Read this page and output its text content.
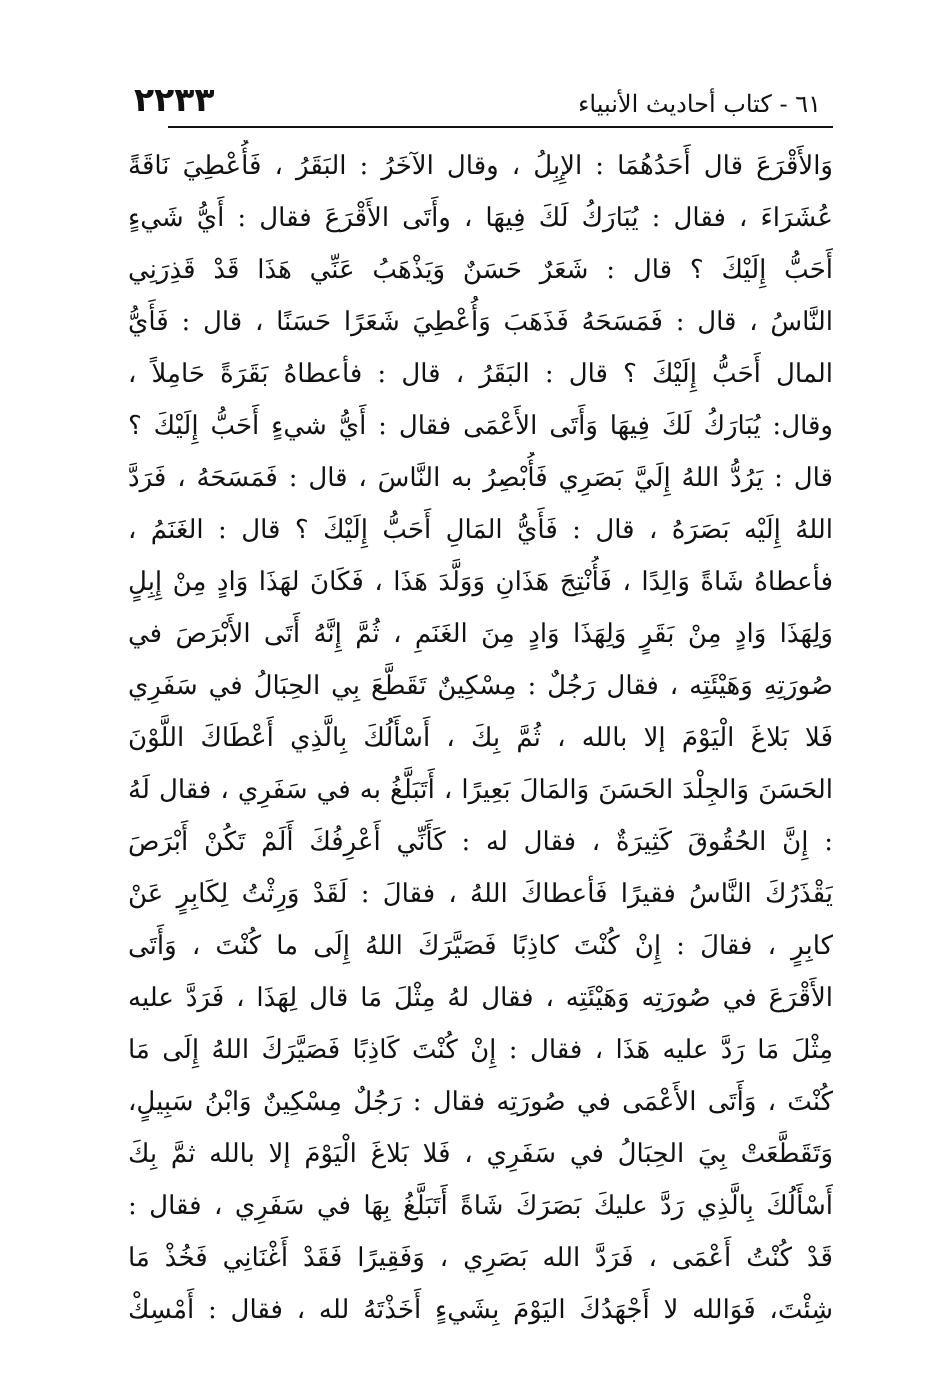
٦١ - كتاب أحاديث الأنبياء
٢٢٣٣
وَالأَقْرَعَ قال أَحَدُهُمَا : الإِبِلُ ، وقال الآخَرُ : البَقَرُ ، فَأُعْطِيَ نَاقَةً
عُشَرَاءَ ، فقال : يُبَارَكُ لَكَ فِيهَا ، وأَتَى الأَقْرَعَ فقال : أَيُّ شَيءٍ
أَحَبُّ إِلَيْكَ ؟ قال : شَعَرٌ حَسَنٌ وَيَذْهَبُ عَنِّي هَذَا قَدْ قَذِرَنِي
النَّاسُ ، قال : فَمَسَحَهُ فَذَهَبَ وَأُعْطِيَ شَعَرًا حَسَنًا ، قال : فَأَيُّ
المال أَحَبُّ إِلَيْكَ ؟ قال : البَقَرُ ، قال : فأعطاهُ بَقَرَةً حَامِلاً ،
وقال: يُبَارَكُ لَكَ فِيهَا وَأَتَى الأَعْمَى فقال : أَيُّ شيءٍ أَحَبُّ إِلَيْكَ ؟
قال : يَرُدُّ اللهُ إِلَيَّ بَصَرِي فَأُبْصِرُ به النَّاسَ ، قال : فَمَسَحَهُ ، فَرَدَّ
اللهُ إِلَيْه بَصَرَهُ ، قال : فَأَيُّ المَالِ أَحَبُّ إِلَيْكَ ؟ قال : الغَنَمُ ،
فأعطاهُ شَاةً وَالِدًا ، فَأُنْتِجَ هَذَانِ وَوَلَّدَ هَذَا ، فَكَانَ لهَذَا وَادٍ مِنْ إِبِلٍ
وَلِهَذَا وَادٍ مِنْ بَقَرٍ وَلِهَذَا وَادٍ مِنَ الغَنَمِ ، ثُمَّ إِنَّهُ أَتَى الأَبْرَصَ في
صُورَتِهِ وَهَيْئَتِه ، فقال رَجُلٌ : مِسْكِينٌ تَقَطَّعَ بِي الحِبَالُ في سَفَرِي
فَلا بَلاغَ الْيَوْمَ إلا بالله ، ثُمَّ بِكَ ، أَسْأَلُكَ بِالَّذِي أَعْطَاكَ اللَّوْنَ
الحَسَنَ وَالجِلْدَ الحَسَنَ وَالمَالَ بَعِيرًا ، أَتَبَلَّغُ به في سَفَرِي ، فقال لَهُ
: إِنَّ الحُقُوقَ كَثِيرَةٌ ، فقال له : كَأَنِّي أَعْرِفُكَ أَلَمْ تَكُنْ أَبْرَصَ
يَقْذَرُكَ النَّاسُ فقيرًا فَأعطاكَ اللهُ ، فقالَ : لَقَدْ وَرِثْتُ لِكَابِرٍ عَنْ
كابِرٍ ، فقالَ : إِنْ كُنْتَ كاذِبًا فَصَيَّرَكَ اللهُ إِلَى ما كُنْتَ ، وَأَتَى
الأَقْرَعَ في صُورَتِه وَهَيْئَتِه ، فقال لهُ مِثْلَ مَا قال لِهَذَا ، فَرَدَّ عليه
مِثْلَ مَا رَدَّ عليه هَذَا ، فقال : إِنْ كُنْتَ كَاذِبًا فَصَيَّرَكَ اللهُ إِلَى مَا
كُنْتَ ، وَأَتَى الأَعْمَى في صُورَتِه فقال : رَجُلٌ مِسْكِينٌ وَابْنُ سَبِيلٍ،
وَتَقَطَّعَتْ بِيَ الحِبَالُ في سَفَرِي ، فَلا بَلاغَ الْيَوْمَ إلا بالله ثمَّ بِكَ
أَسْأَلُكَ بِالَّذِي رَدَّ عليكَ بَصَرَكَ شَاةً أَتَبَلَّغُ بِهَا في سَفَرِي ، فقال :
قَدْ كُنْتُ أَعْمَى ، فَرَدَّ الله بَصَرِي ، وَفَقِيرًا فَقَدْ أَغْنَانِي فَخُذْ مَا
شِئْتَ، فَوَالله لا أَجْهَدُكَ اليَوْمَ بِشَيءٍ أَخَذْتَهُ لله ، فقال : أَمْسِكْ
